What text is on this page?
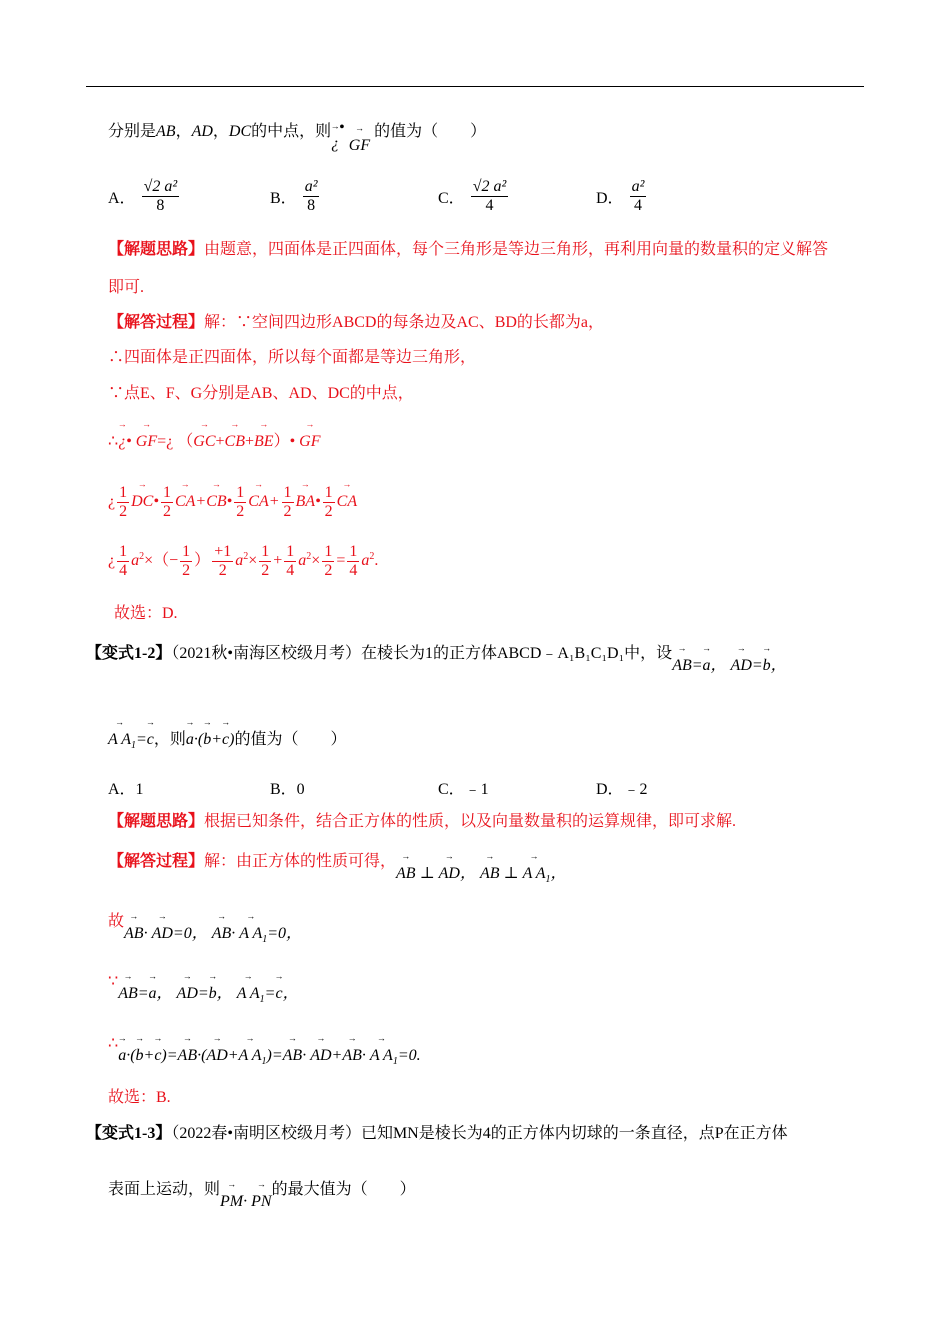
分别是AB，AD，DC的中点，则→ ¿• → GF 的值为（　　）
A． $\frac{\text{√2 a²}}{8}$	B． $\frac{\text{a²}}{8}$	C． $\frac{\text{√2 a²}}{4}$	D． $\frac{\text{a²}}{4}$
【解题思路】由题意，四面体是正四面体，每个三角形是等边三角形，再利用向量的数量积的定义解答
即可.
【解答过程】解：∵空间四边形ABCD的每条边及AC、BD的长都为a，
∴四面体是正四面体，所以每个面都是等边三角形，
∵点E、F、G分别是AB、AD、DC的中点，
∴→ ¿• → GF=¿ （→ GC+→ CB+→ BE）• → GF
¿ $\frac{1}{2}$
→ DC• $\frac{1}{2}$
→ CA+→ CB• $\frac{1}{2}$
→ $CA+ \frac{1}{2}$
→ BA• $\frac{1}{2}$
→ CA
¿ $\frac{1}{4} a^2\times(- \frac{1}{2}$ ） $\frac{+1}{2} a^2\times \frac{1}{2} + \frac{1}{4} a^2\times \frac{1}{2} = \frac{1}{4} a^2$.
故选：D.
【变式1-2】（2021秋•南海区校级月考）在棱长为1的正方体ABCD﹣A₁B₁C₁D₁中，设→ AB=→ a， → AD=→ b，
→ A $A_1=\to c$，则→ a·(→ b+→ c)的值为（　　）
A．1	B．0	C．﹣1	D．﹣2
【解题思路】根据已知条件，结合正方体的性质，以及向量数量积的运算规律，即可求解.
【解答过程】解：由正方体的性质可得，→ AB ⊥ → AD， → AB ⊥ → A $A_1$，
故→ AB· → AD=0， → AB· → A $A_1=0$，
∵→ AB=→ a， → AD=→ b， → A $A_1=\to c$，
∴→ a·(→ b+→ c)=→ AB·(→ AD+→ A $A_1)=\to AB\cdot \to AD+\to AB\cdot \to A$ $A_1=0$.
故选：B.
【变式1-3】（2022春•南明区校级月考）已知MN是棱长为4的正方体内切球的一条直径，点P在正方体
表面上运动，则→ PM· → PN的最大值为（　　）
